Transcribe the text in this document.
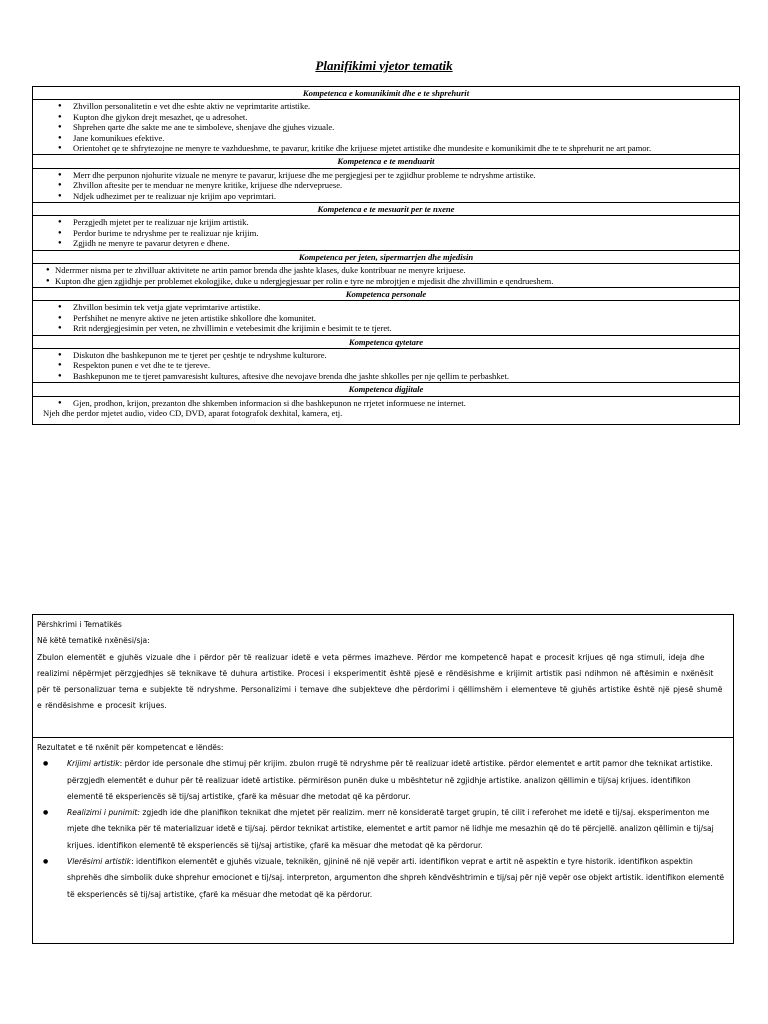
Planifikimi vjetor tematik
Kompetenca e komunikimit dhe e te shprehurit
● Zhvillon personalitetin e vet dhe eshte aktiv ne veprimtarite artistike.
● Kupton dhe gjykon drejt mesazhet, qe u adresohet.
● Shprehen qarte dhe sakte me ane te simboleve, shenjave dhe gjuhes vizuale.
● Jane komunikues efektive.
● Orientohet qe te shfrytezojne ne menyre te vazhdueshme, te pavarur, kritike dhe krijuese mjetet artistike dhe mundesite e komunikimit dhe te te shprehurit ne art pamor.
Kompetenca e te menduarit
● Merr dhe perpunon njohurite vizuale ne menyre te pavarur, krijuese dhe me pergjegjesi per te zgjidhur probleme te ndryshme artistike.
● Zhvillon aftesite per te menduar ne menyre kritike, krijuese dhe ndervepruese.
● Ndjek udhezimet per te realizuar nje krijim apo veprimtari.
Kompetenca e te mesuarit per te nxene
● Perzgjedh mjetet per te realizuar nje krijim artistik.
● Perdor burime te ndryshme per te realizuar nje krijim.
● Zgjidh ne menyre te pavarur detyren e dhene.
Kompetenca per jeten, sipermarrjen dhe mjedisin
● Nderrmer nisma per te zhvilluar aktivitete ne artin pamor brenda dhe jashte klases, duke kontribuar ne menyre krijuese.
● Kupton dhe gjen zgjidhje per problemet ekologjike, duke u ndergjegjesuar per rolin e tyre ne mbrojtjen e mjedisit dhe zhvillimin e qendrueshem.
Kompetenca personale
● Zhvillon besimin tek vetja gjate veprimtarive artistike.
● Perfshihet ne menyre aktive ne jeten artistike shkollore dhe komunitet.
● Rrit ndergjegjesimin per veten, ne zhvillimin e vetebesimit dhe krijimin e besimit te te tjeret.
Kompetenca qytetare
● Diskuton dhe bashkepunon me te tjeret per çeshtje te ndryshme kulturore.
● Respekton punen e vet dhe te te tjereve.
● Bashkepunon me te tjeret pamvaresisht kultures, aftesive dhe nevojave brenda dhe jashte shkolles per nje qellim te perbashket.
Kompetenca digjitale
● Gjen, prodhon, krijon, prezanton dhe shkemben informacion si dhe bashkepunon ne rrjetet informuese ne internet.
Njeh dhe perdor mjetet audio, video CD, DVD, aparat fotografok dexhital, kamera, etj.
Përshkrimi i Tematikës
Në këtë tematikë nxënësi/sja:
Zbulon elementët e gjuhës vizuale dhe i përdor për të realizuar idetë e veta përmes imazheve. Përdor me kompetencë hapat e procesit krijues që nga stimuli, ideja dhe realizimi nëpërmjet përzgjedhjes së teknikave të duhura artistike. Procesi i eksperimentit është pjesë e rëndësishme e krijimit artistik pasi ndihmon në aftësimin e nxënësit për të personalizuar tema e subjekte të ndryshme. Personalizimi i temave dhe subjekteve dhe përdorimi i qëllimshëm i elementeve të gjuhës artistike është një pjesë shumë e rëndësishme e procesit krijues.
Rezultatet e të nxënit për kompetencat e lëndës:
● Krijimi artistik: përdor ide personale dhe stimuj për krijim. zbulon rrugë të ndryshme për të realizuar idetë artistike. përdor elementet e artit pamor dhe teknikat artistike. përzgjedh elementët e duhur për të realizuar idetë artistike. përmirëson punën duke u mbështetur në zgjidhje artistike. analizon qëllimin e tij/saj krijues. identifikon elementë të eksperiencës së tij/saj artistike, çfarë ka mësuar dhe metodat që ka përdorur.
● Realizimi i punimit: zgjedh ide dhe planifikon teknikat dhe mjetet për realizim. merr në konsideratë target grupin, të cilit i referohet me idetë e tij/saj. eksperimenton me mjete dhe teknika për të materializuar idetë e tij/saj. përdor teknikat artistike, elementet e artit pamor në lidhje me mesazhin që do të përcjellë. analizon qëllimin e tij/saj krijues. identifikon elementë të eksperiencës së tij/saj artistike, çfarë ka mësuar dhe metodat që ka përdorur.
● Vlerësimi artistik: identifikon elementët e gjuhës vizuale, teknikën, gjininë në një vepër arti. identifikon veprat e artit në aspektin e tyre historik. identifikon aspektin shprehës dhe simbolik duke shprehur emocionet e tij/saj. interpreton, argumenton dhe shpreh këndvështrimin e tij/saj për një vepër ose objekt artistik. identifikon elementë të eksperiencës së tij/saj artistike, çfarë ka mësuar dhe metodat që ka përdorur.
